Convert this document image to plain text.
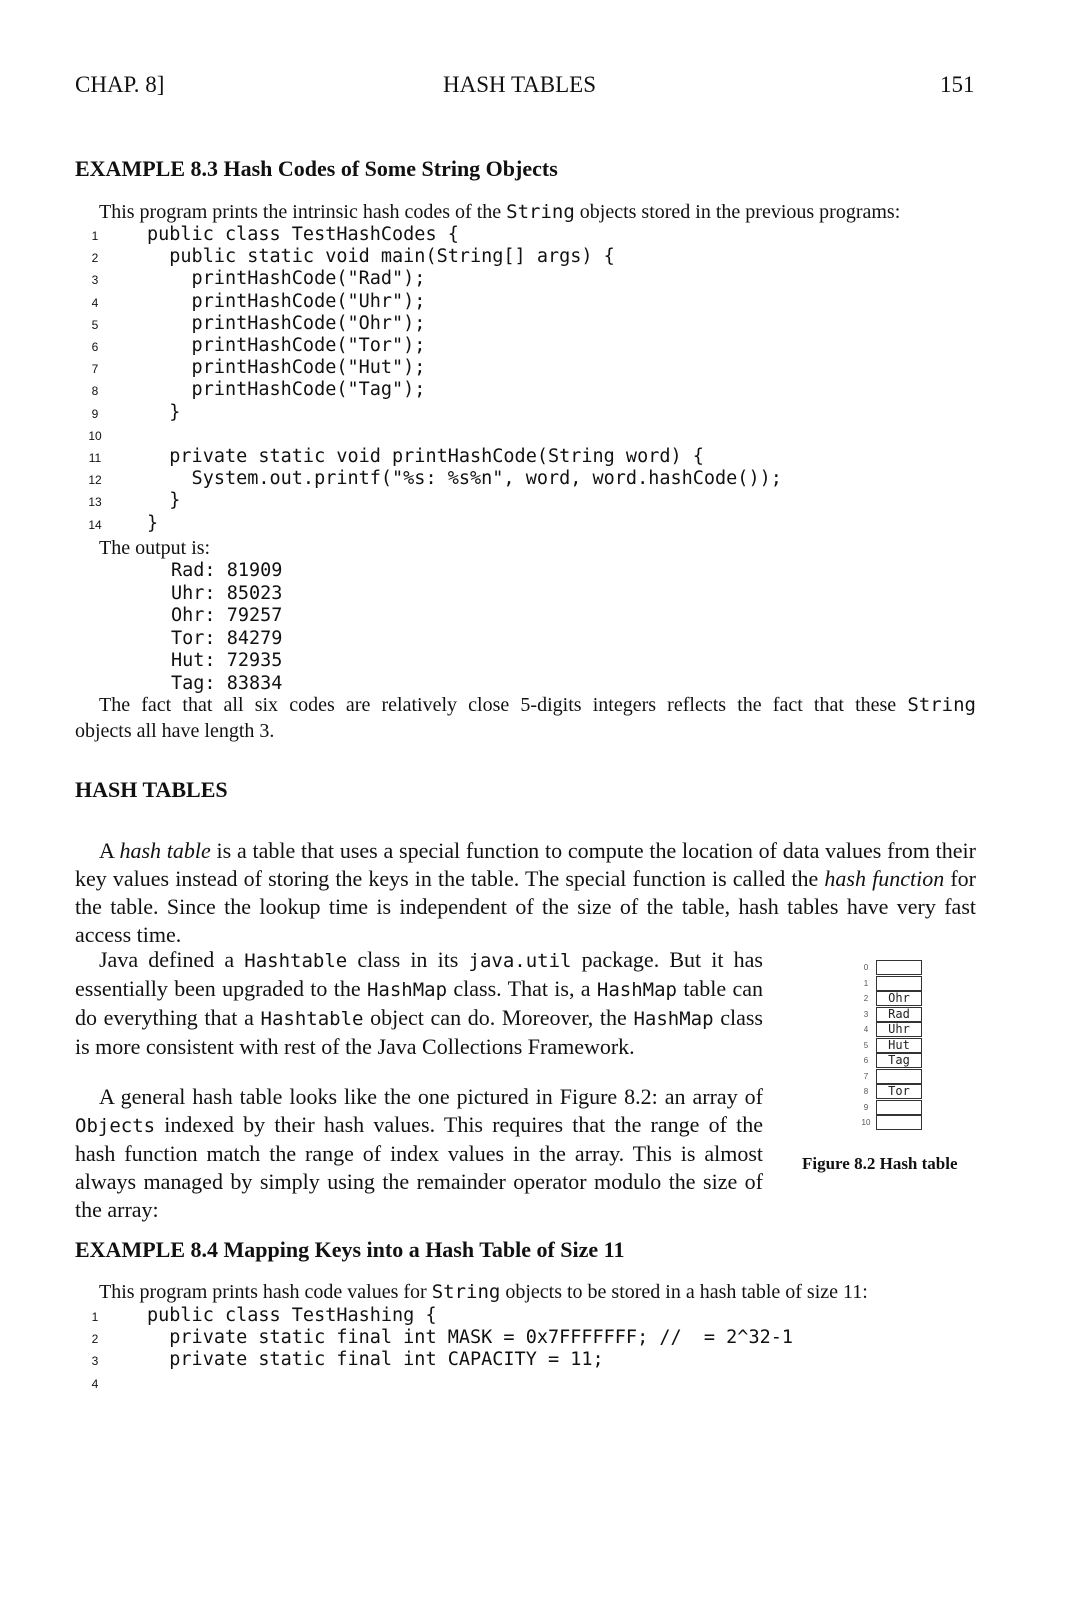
CHAP. 8]	HASH TABLES	151
EXAMPLE 8.3 Hash Codes of Some String Objects
This program prints the intrinsic hash codes of the String objects stored in the previous programs:
1	public class TestHashCodes {
2	public static void main(String[] args) {
3	printHashCode("Rad");
4	printHashCode("Uhr");
5	printHashCode("Ohr");
6	printHashCode("Tor");
7	printHashCode("Hut");
8	printHashCode("Tag");
9	}
10
11 private static void printHashCode(String word) {
12 System.out.printf("%s: %s%n", word, word.hashCode());
13 }
14 }
The output is:
Rad: 81909
Uhr: 85023
Ohr: 79257
Tor: 84279
Hut: 72935
Tag: 83834
The fact that all six codes are relatively close 5-digits integers reflects the fact that these String
objects all have length 3.
HASH TABLES
A hash table is a table that uses a special function to compute the location of data values from their key values instead of storing the keys in the table. The special function is called the hash function for the table. Since the lookup time is independent of the size of the table, hash tables have very fast access time.
Java defined a Hashtable class in its java.util package. But it has essentially been upgraded to the HashMap class. That is, a HashMap table can do everything that a Hashtable object can do. Moreover, the HashMap class is more consistent with rest of the Java Collections Framework.
A general hash table looks like the one pictured in Figure 8.2: an array of Objects indexed by their hash values. This requires that the range of the hash function match the range of index values in the array. This is almost always managed by simply using the remainder operator modulo the size of the array:
0
1
2	Ohr
3	Rad
4	Uhr
5	Hut
6	Tag
7
8	Tor
9
10
Figure 8.2 Hash table
EXAMPLE 8.4 Mapping Keys into a Hash Table of Size 11
This program prints hash code values for String objects to be stored in a hash table of size 11:
1	public class TestHashing {
2	private static final int MASK = 0x7FFFFFFF; //  = 2^32-1
3	private static final int CAPACITY = 11;
4
